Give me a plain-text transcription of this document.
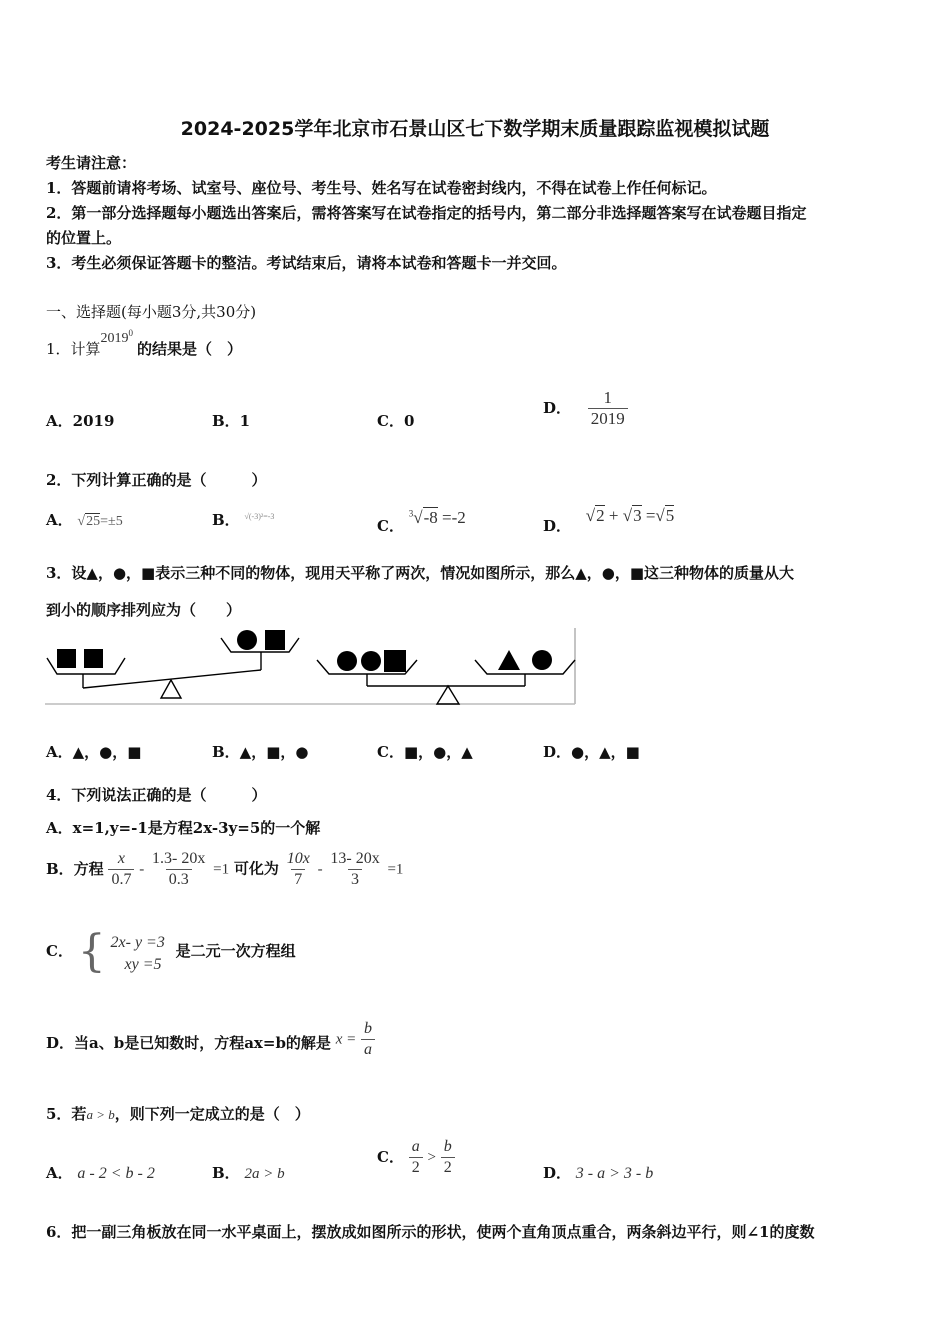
2024-2025学年北京市石景山区七下数学期末质量跟踪监视模拟试题
考生请注意：
1．答题前请将考场、试室号、座位号、考生号、姓名写在试卷密封线内，不得在试卷上作任何标记。
2．第一部分选择题每小题选出答案后，需将答案写在试卷指定的括号内，第二部分非选择题答案写在试卷题目指定
的位置上。
3．考生必须保证答题卡的整洁。考试结束后，请将本试卷和答题卡一并交回。
一、选择题(每小题3分,共30分)
1．计算2019$^0$的结果是（　）
A．2019	B．1	C．0
D． $\frac{1}{2019}$
2．下列计算正确的是（　　　）
A． √25=±5	B． $^{√(-3)^2=-3}$
C． $^3$√-8 =-2	D． √2 + √3 =√5
3．设▲，●，■表示三种不同的物体，现用天平称了两次，情况如图所示，那么▲，●，■这三种物体的质量从大
到小的顺序排列应为（　　）
A．▲，●，■	B．▲，■，●	C．■，●，▲	D．●，▲，■
4．下列说法正确的是（　　　）
A．x=1,y=-1是方程2x-3y=5的一个解
B．方程 $\frac{x}{0.7} - \frac{1.3- 20x}{0.3} =1$ 可化为 $\frac{10x}{7} - \frac{13- 20x}{3} =1$
C． { 2x- y =3
xy =5
是二元一次方程组
D．当a、b是已知数时，方程ax=b的解是 $x = \frac{b}{a}$
5．若a > b，则下列一定成立的是（　）
A． a - 2 < b - 2	B． 2a > b
C． $\frac{a}{2} > \frac{b}{2}$	D． 3 - a > 3 - b
6．把一副三角板放在同一水平桌面上，摆放成如图所示的形状，使两个直角顶点重合，两条斜边平行，则∠1的度数
